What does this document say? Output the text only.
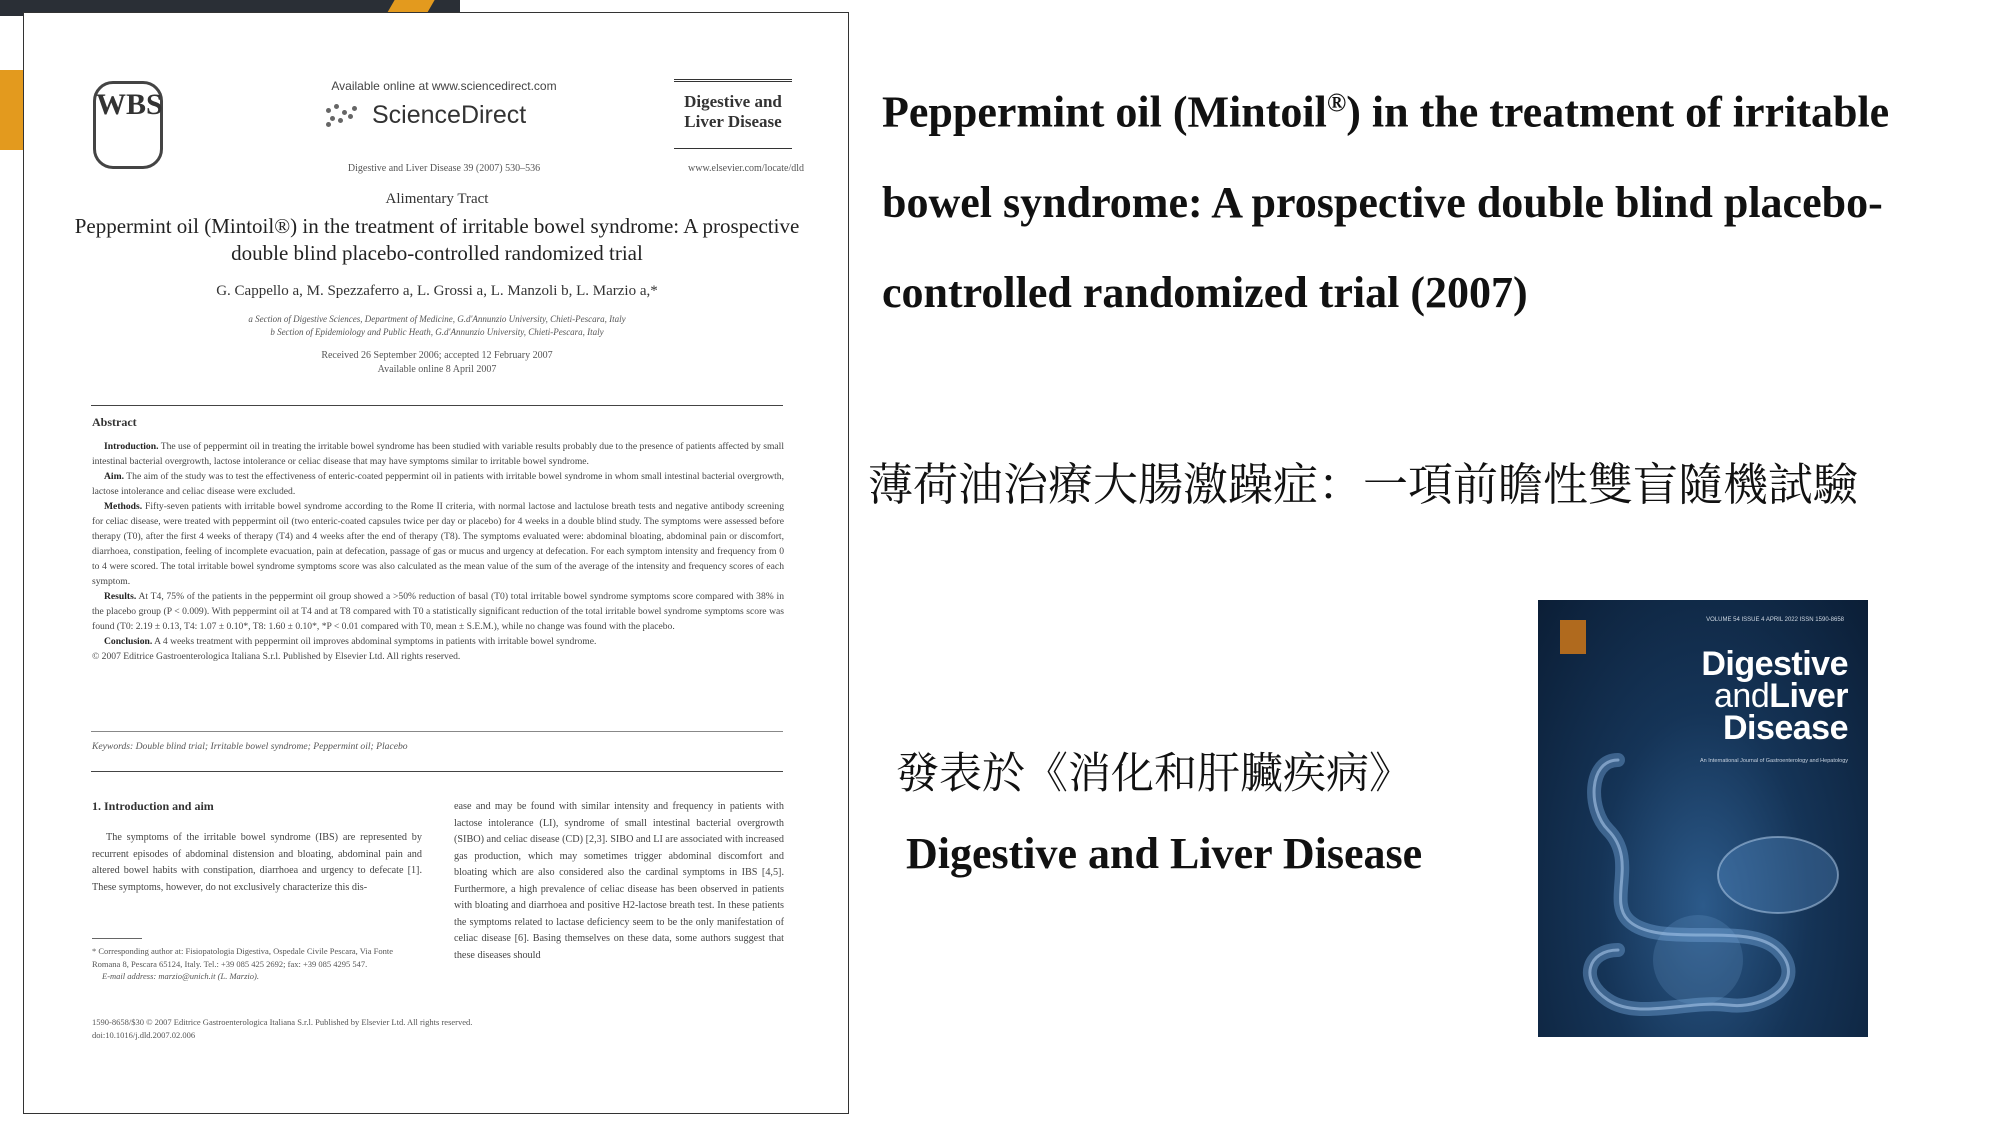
WBS
Available online at www.sciencedirect.com
ScienceDirect	Digestive and Liver Disease
Digestive and Liver Disease 39 (2007) 530–536	www.elsevier.com/locate/dld
Alimentary Tract
Peppermint oil (Mintoil®) in the treatment of irritable bowel syndrome: A prospective double blind placebo-controlled randomized trial
G. Cappello a, M. Spezzaferro a, L. Grossi a, L. Manzoli b, L. Marzio a,*
a Section of Digestive Sciences, Department of Medicine, G.d'Annunzio University, Chieti-Pescara, Italy
b Section of Epidemiology and Public Heath, G.d'Annunzio University, Chieti-Pescara, Italy
Received 26 September 2006; accepted 12 February 2007
Available online 8 April 2007
Abstract

Introduction. The use of peppermint oil in treating the irritable bowel syndrome has been studied with variable results probably due to the presence of patients affected by small intestinal bacterial overgrowth, lactose intolerance or celiac disease that may have symptoms similar to irritable bowel syndrome.

Aim. The aim of the study was to test the effectiveness of enteric-coated peppermint oil in patients with irritable bowel syndrome in whom small intestinal bacterial overgrowth, lactose intolerance and celiac disease were excluded.

Methods. Fifty-seven patients with irritable bowel syndrome according to the Rome II criteria, with normal lactose and lactulose breath tests and negative antibody screening for celiac disease, were treated with peppermint oil (two enteric-coated capsules twice per day or placebo) for 4 weeks in a double blind study. The symptoms were assessed before therapy (T0), after the first 4 weeks of therapy (T4) and 4 weeks after the end of therapy (T8). The symptoms evaluated were: abdominal bloating, abdominal pain or discomfort, diarrhoea, constipation, feeling of incomplete evacuation, pain at defecation, passage of gas or mucus and urgency at defecation. For each symptom intensity and frequency from 0 to 4 were scored. The total irritable bowel syndrome symptoms score was also calculated as the mean value of the sum of the average of the intensity and frequency scores of each symptom.

Results. At T4, 75% of the patients in the peppermint oil group showed a >50% reduction of basal (T0) total irritable bowel syndrome symptoms score compared with 38% in the placebo group (P < 0.009). With peppermint oil at T4 and at T8 compared with T0 a statistically significant reduction of the total irritable bowel syndrome symptoms score was found (T0: 2.19 ± 0.13, T4: 1.07 ± 0.10*, T8: 1.60 ± 0.10*, *P < 0.01 compared with T0, mean ± S.E.M.), while no change was found with the placebo.

Conclusion. A 4 weeks treatment with peppermint oil improves abdominal symptoms in patients with irritable bowel syndrome.

© 2007 Editrice Gastroenterologica Italiana S.r.l. Published by Elsevier Ltd. All rights reserved.

Keywords: Double blind trial; Irritable bowel syndrome; Peppermint oil; Placebo
1. Introduction and aim
The symptoms of the irritable bowel syndrome (IBS) are represented by recurrent episodes of abdominal distension and bloating, abdominal pain and altered bowel habits with constipation, diarrhoea and urgency to defecate [1]. These symptoms, however, do not exclusively characterize this dis-
ease and may be found with similar intensity and frequency in patients with lactose intolerance (LI), syndrome of small intestinal bacterial overgrowth (SIBO) and celiac disease (CD) [2,3]. SIBO and LI are associated with increased gas production, which may sometimes trigger abdominal discomfort and bloating which are also considered also the cardinal symptoms in IBS [4,5]. Furthermore, a high prevalence of celiac disease has been observed in patients with bloating and diarrhoea and positive H2-lactose breath test. In these patients the symptoms related to lactase deficiency seem to be the only manifestation of celiac disease [6]. Basing themselves on these data, some authors suggest that these diseases should
* Corresponding author at: Fisiopatologia Digestiva, Ospedale Civile Pescara, Via Fonte Romana 8, Pescara 65124, Italy. Tel.: +39 085 425 2692; fax: +39 085 4295 547.
E-mail address: marzio@unich.it (L. Marzio).
1590-8658/$30 © 2007 Editrice Gastroenterologica Italiana S.r.l. Published by Elsevier Ltd. All rights reserved.
doi:10.1016/j.dld.2007.02.006
Peppermint oil (Mintoil®) in the treatment of irritable bowel syndrome: A prospective double blind placebo-controlled randomized trial (2007)
薄荷油治療大腸激躁症：一項前瞻性雙盲隨機試驗
發表於《消化和肝臟疾病》
Digestive and Liver Disease
VOLUME 54 ISSUE 4 APRIL 2022 ISSN 1590-8658
Digestive
andLiver
Disease
An International Journal of Gastroenterology and Hepatology
